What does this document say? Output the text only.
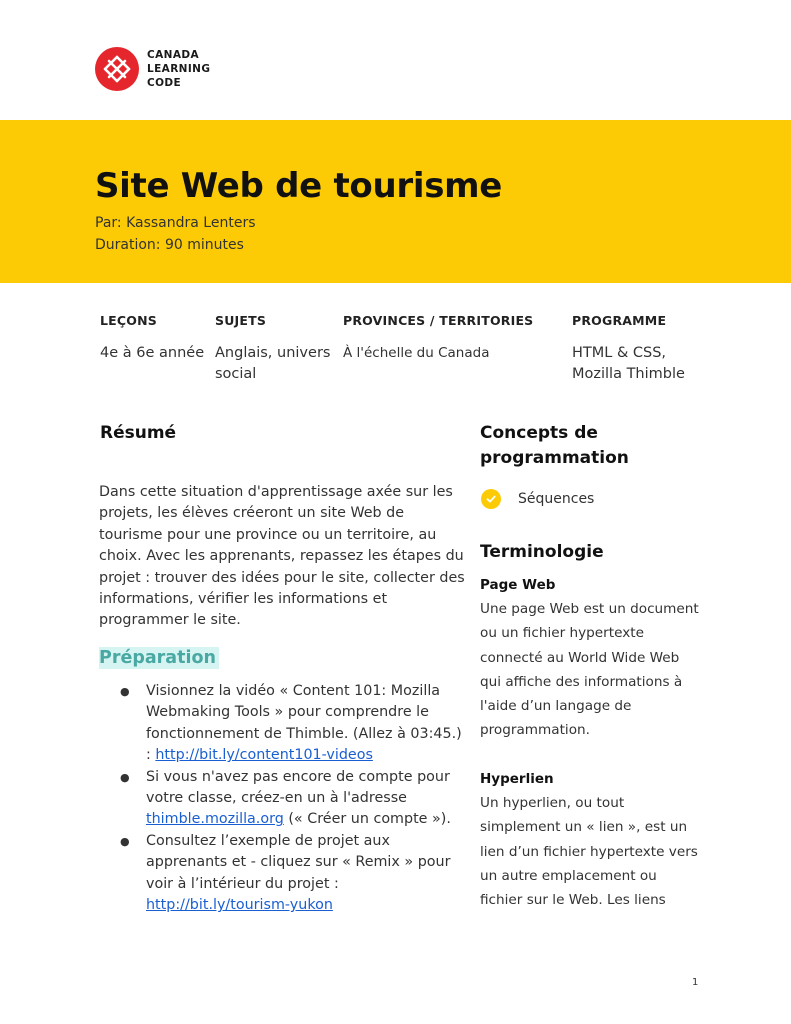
CANADA
LEARNING
CODE
Site Web de tourisme
Par: Kassandra Lenters
Duration: 90 minutes
LEÇONS
4e à 6e année
SUJETS
Anglais, univers social
PROVINCES / TERRITORIES
À l'échelle du Canada
PROGRAMME
HTML & CSS, Mozilla Thimble
Résumé

Dans cette situation d'apprentissage axée sur les projets, les élèves créeront un site Web de tourisme pour une province ou un territoire, au choix. Avec les apprenants, repassez les étapes du projet : trouver des idées pour le site, collecter des informations, vérifier les informations et programmer le site.

Préparation
● Visionnez la vidéo « Content 101: Mozilla Webmaking Tools » pour comprendre le fonctionnement de Thimble. (Allez à 03:45.) : http://bit.ly/content101-videos
● Si vous n'avez pas encore de compte pour votre classe, créez-en un à l'adresse thimble.mozilla.org (« Créer un compte »).
● Consultez l’exemple de projet aux apprenants et - cliquez sur « Remix » pour voir à l’intérieur du projet : http://bit.ly/tourism-yukon
Concepts de programmation
Séquences
Terminologie
Page Web

Une page Web est un document ou un fichier hypertexte connecté au World Wide Web qui affiche des informations à l'aide d’un langage de programmation.

Hyperlien

Un hyperlien, ou tout simplement un « lien », est un lien d’un fichier hypertexte vers un autre emplacement ou fichier sur le Web. Les liens

1
